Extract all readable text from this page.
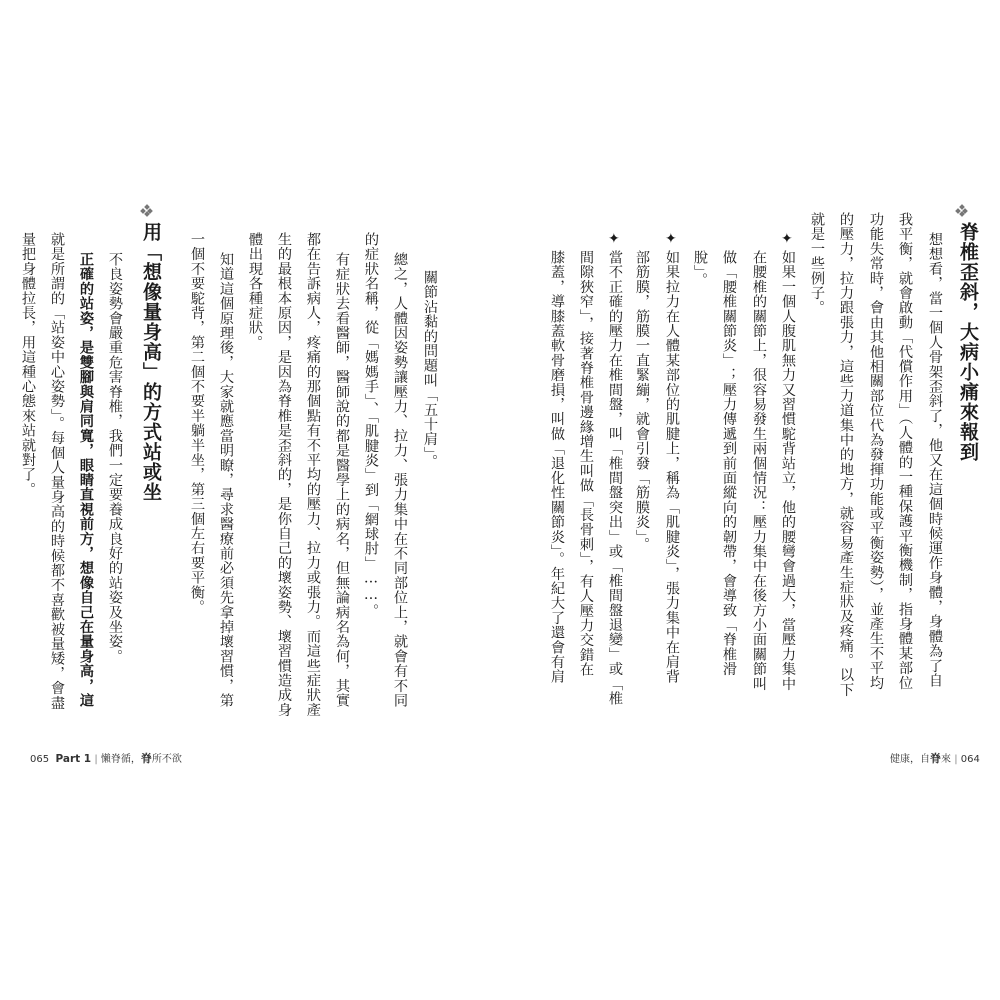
脊椎歪斜，大病小痛來報到
想想看，當一個人骨架歪斜了，他又在這個時候運作身體，身體為了自
我平衡，就會啟動「代償作用」（人體的一種保護平衡機制，指身體某部位
功能失常時，會由其他相關部位代為發揮功能或平衡姿勢），並產生不平均
的壓力，拉力跟張力，這些力道集中的地方，就容易產生症狀及疼痛。以下
就是一些例子。
✦
如果一個人腹肌無力又習慣駝背站立，他的腰彎會過大，當壓力集中
在腰椎的關節上，很容易發生兩個情況：壓力集中在後方小面關節叫
做「腰椎關節炎」；壓力傳遞到前面縱向的韌帶，會導致「脊椎滑
脫」。
✦
如果拉力在人體某部位的肌腱上，稱為「肌腱炎」，張力集中在肩背
部筋膜，筋膜一直緊繃，就會引發「筋膜炎」。
✦
當不正確的壓力在椎間盤，叫「椎間盤突出」或「椎間盤退變」或「椎
間隙狹窄」，接著脊椎骨邊緣增生叫做「長骨刺」，有人壓力交錯在
膝蓋，導膝蓋軟骨磨損，叫做「退化性關節炎」。年紀大了還會有肩
健康，自脊來 | 064
關節沾黏的問題叫「五十肩」。
總之，人體因姿勢讓壓力、拉力、張力集中在不同部位上，就會有不同
的症狀名稱，從「媽媽手」、「肌腱炎」到「網球肘」……。
有症狀去看醫師，醫師說的都是醫學上的病名，但無論病名為何，其實
都在告訴病人，疼痛的那個點有不平均的壓力、拉力或張力。而這些症狀產
生的最根本原因，是因為脊椎是歪斜的，是你自己的壞姿勢、壞習慣造成身
體出現各種症狀。
知道這個原理後，大家就應當明瞭，尋求醫療前必須先拿掉壞習慣，第
一個不要駝背，第二個不要半躺半坐，第三個左右要平衡。
用「想像量身高」的方式站或坐
不良姿勢會嚴重危害脊椎，我們一定要養成良好的站姿及坐姿。
正確的站姿，是雙腳與肩同寬，眼睛直視前方，想像自己在量身高，這
就是所謂的「站姿中心姿勢」。每個人量身高的時候都不喜歡被量矮，會盡
量把身體拉長，用這種心態來站就對了。
065 Part 1 | 懶脊循，脊所不欲
